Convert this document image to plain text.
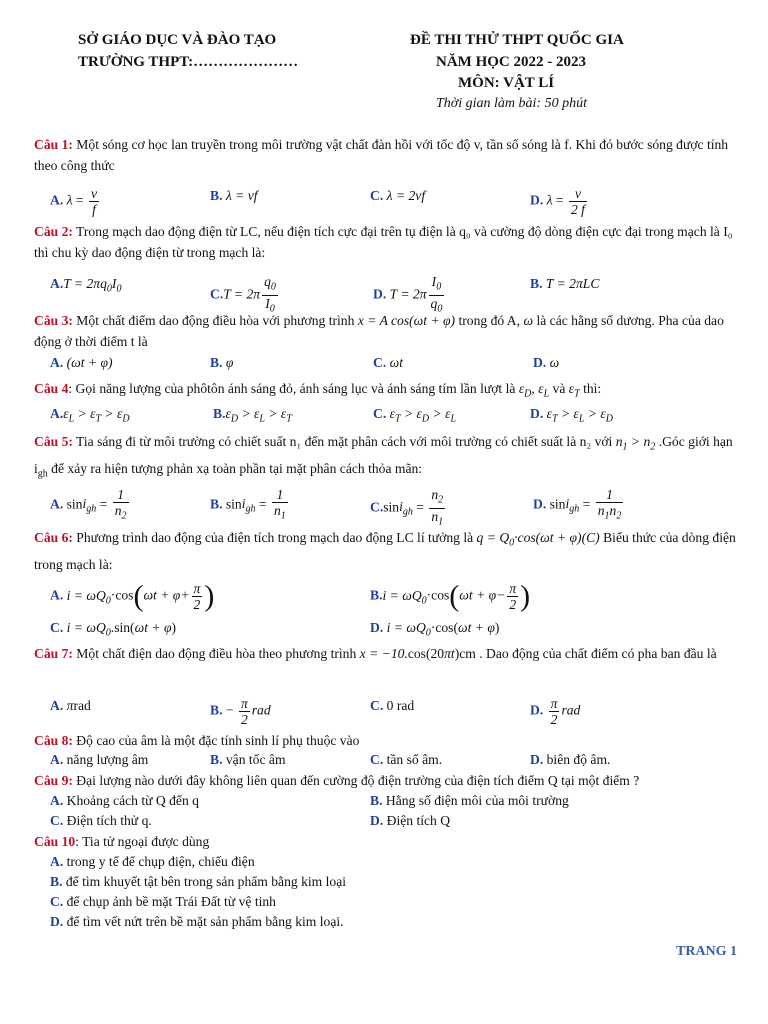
SỞ GIÁO DỤC VÀ ĐÀO TẠO
TRƯỜNG THPT:…………………
ĐỀ THI THỬ THPT QUỐC GIA
NĂM HỌC 2022 - 2023
MÔN: VẬT LÍ
Thời gian làm bài: 50 phút
Câu 1: Một sóng cơ học lan truyền trong môi trường vật chất đàn hồi với tốc độ v, tần số sóng là f. Khi đó bước sóng được tính theo công thức
A. $\lambda = \frac{v}{f}$	B. λ = vf	C. λ = 2vf	D. $\lambda = \frac{v}{2 f}$
Câu 2: Trong mạch dao động điện từ LC, nếu điện tích cực đại trên tụ điện là q₀ và cường độ dòng điện cực đại trong mạch là I₀ thì chu kỳ dao động điện từ trong mạch là:
$A.T = 2\pi q_0I_0$	$C.T = 2\pi \frac{q_0}{I_0}$	D. $T = 2\pi \frac{I_0}{q_0}$	B. T = 2πLC
Câu 3: Một chất điểm dao động điều hòa với phương trình x = A cos(ωt + φ) trong đó A, ω là các hằng số dương. Pha của dao động ở thời điểm t là
A. (ωt + φ)	B. φ	C. ωt	D. ω
Câu 4: Gọi năng lượng của phôtôn ánh sáng đỏ, ánh sáng lục và ánh sáng tím lần lượt là $\varepsilon_D$, $\varepsilon_L$ và $\varepsilon_T$ thì:
$A.\varepsilon_L > \varepsilon_T > \varepsilon_D$	$B.\varepsilon_D > \varepsilon_L > \varepsilon_T$	C. $\varepsilon_T > \varepsilon_D > \varepsilon_L$	D. $\varepsilon_T > \varepsilon_L > \varepsilon_D$
Câu 5: Tia sáng đi từ môi trường có chiết suất n₁ đến mặt phân cách với môi trường có chiết suất là n₂ với $n_1 > n_2$ .Góc giới hạn $i_{gh}$ để xảy ra hiện tượng phản xạ toàn phần tại mặt phân cách thỏa mãn:
A. $\sin i_{gh} = \frac{1}{n_2}$	B. $\sin i_{gh} = \frac{1}{n_1}$	$C.\sin i_{gh} = \frac{n_2}{n_1}$	D. $\sin i_{gh} = \frac{1}{n_1n_2}$
Câu 6: Phương trình dao động của điện tích trong mạch dao động LC lí tưởng là $q = Q_0\cdot\cos(\omega t + \varphi)(C)$ Biểu thức của dòng điện trong mạch là:
A. $i = \omega Q_0\cdot\cos(\omega t + \varphi+ \frac{\pi}{2}$ )	$B.i = \omega Q_0\cdot\cos(\omega t + \varphi- \frac{\pi}{2}$ )
C. $i = \omega Q_0.\sin(\omega t + \varphi)$	D. $i = \omega Q_0\cdot\cos(\omega t + \varphi)$
Câu 7: Một chất điện dao động điều hòa theo phương trình x = −10.cos(20πt)cm . Dao động của chất điểm có pha ban đầu là
A. πrad	B. − $\frac{\pi}{2}$ rad	C. 0 rad	D. $\frac{\pi}{2}$ rad
Câu 8: Độ cao của âm là một đặc tính sinh lí phụ thuộc vào
A. năng lượng âm	B. vận tốc âm	C. tần số âm.	D. biên độ âm.
Câu 9: Đại lượng nào dưới đây không liên quan đến cường độ điện trường của điện tích điểm Q tại một điểm ?
A. Khoảng cách từ Q đến q	B. Hằng số điện môi của môi trường
C. Điện tích thử q.	D. Điện tích Q
Câu 10: Tia tử ngoại được dùng
A. trong y tế để chụp điện, chiếu điện
B. để tìm khuyết tật bên trong sản phẩm bằng kim loại
C. để chụp ảnh bề mặt Trái Đất từ vệ tinh
D. để tìm vết nứt trên bề mặt sản phẩm bằng kim loại.
TRANG 1
